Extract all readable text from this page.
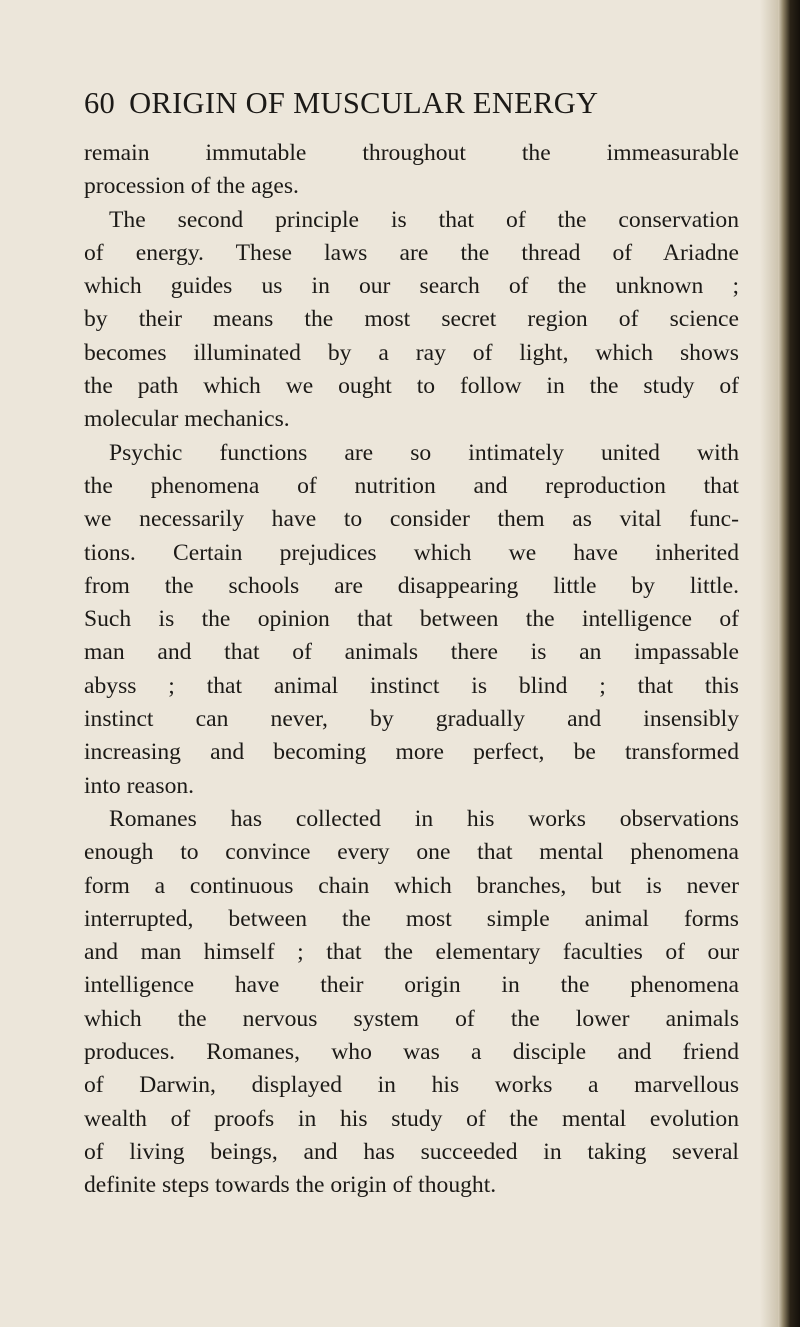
60 ORIGIN OF MUSCULAR ENERGY

remain immutable throughout the immeasurable
procession of the ages.

The second principle is that of the conservation
of energy. These laws are the thread of Ariadne
which guides us in our search of the unknown ;
by their means the most secret region of science
becomes illuminated by a ray of light, which shows
the path which we ought to follow in the study of
molecular mechanics.

Psychic functions are so intimately united with
the phenomena of nutrition and reproduction that
we necessarily have to consider them as vital func-
tions. Certain prejudices which we have inherited
from the schools are disappearing little by little.
Such is the opinion that between the intelligence of
man and that of animals there is an impassable
abyss ; that animal instinct is blind ; that this
instinct can never, by gradually and insensibly
increasing and becoming more perfect, be transformed
into reason.

Romanes has collected in his works observations
enough to convince every one that mental phenomena
form a continuous chain which branches, but is never
interrupted, between the most simple animal forms
and man himself ; that the elementary faculties of our
intelligence have their origin in the phenomena
which the nervous system of the lower animals
produces. Romanes, who was a disciple and friend
of Darwin, displayed in his works a marvellous
wealth of proofs in his study of the mental evolution
of living beings, and has succeeded in taking several
definite steps towards the origin of thought.
